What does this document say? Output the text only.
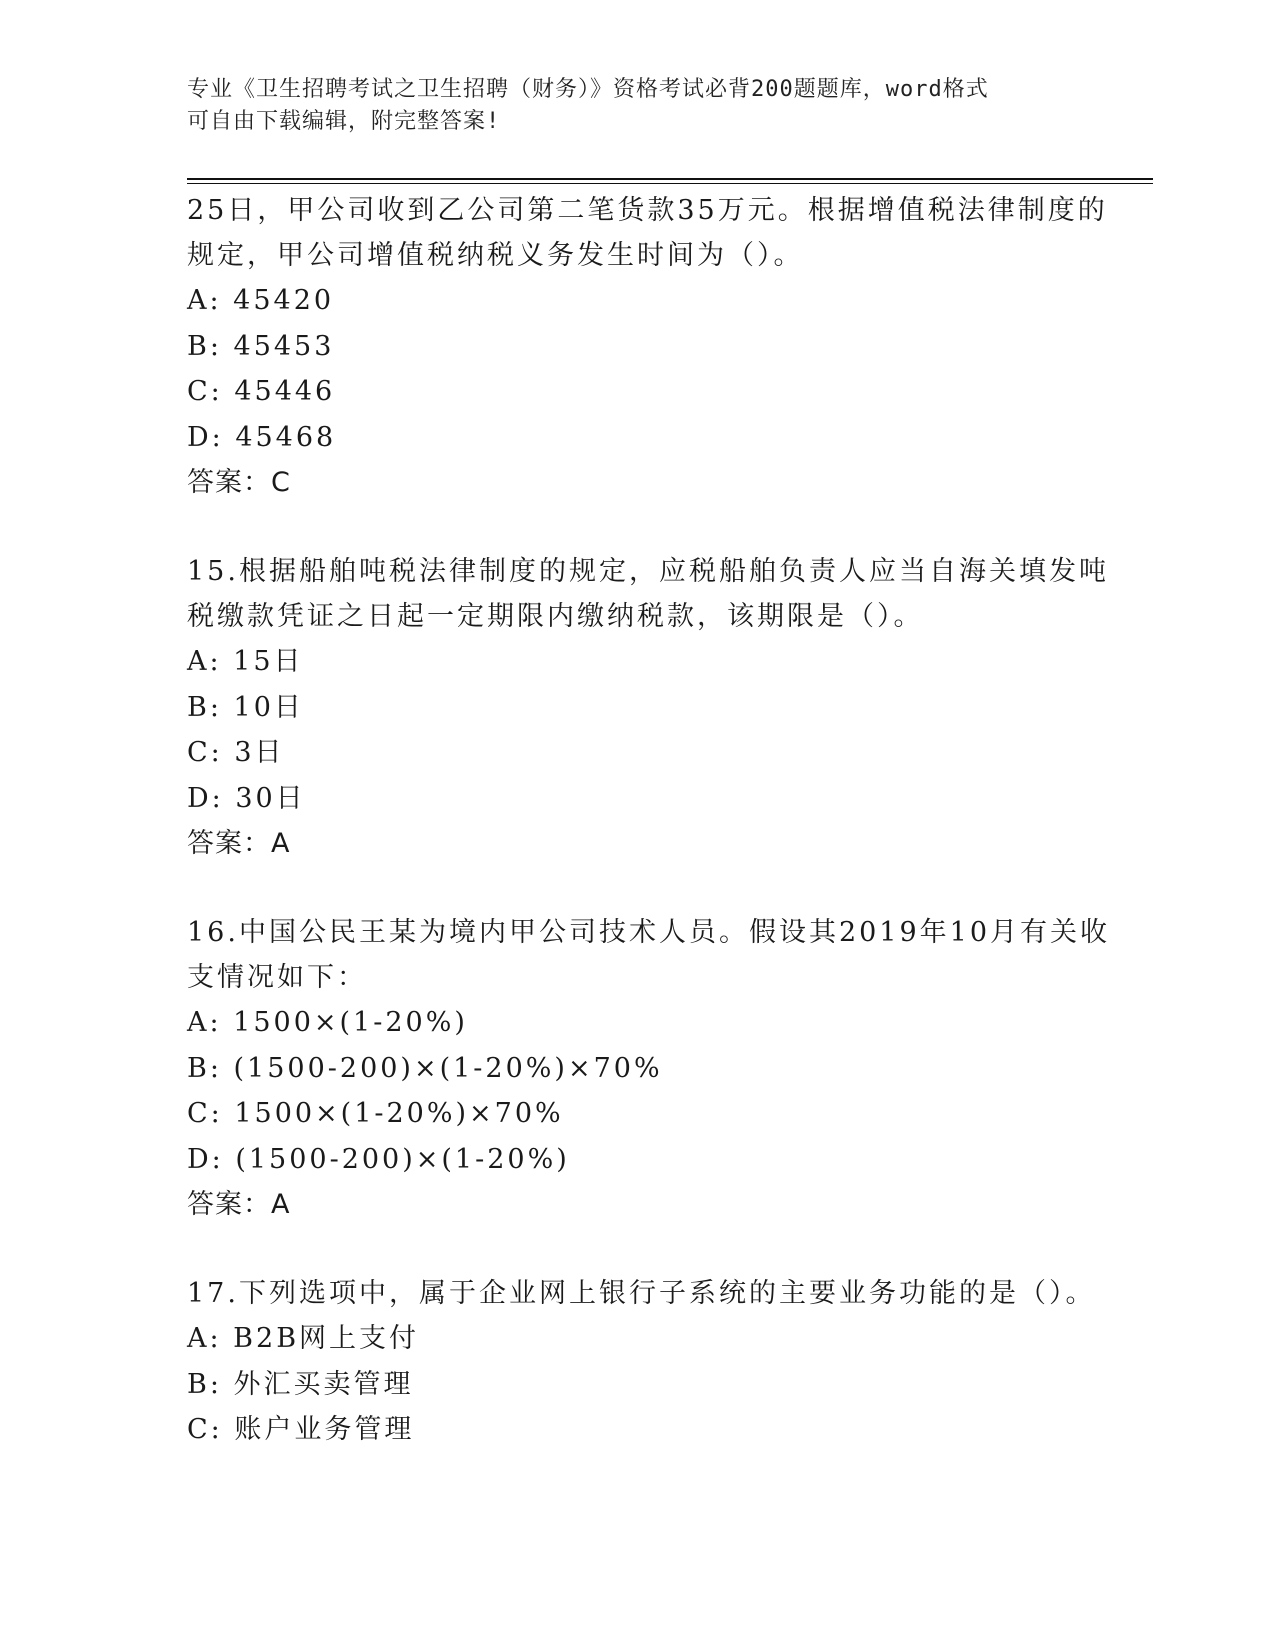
专业《卫生招聘考试之卫生招聘（财务）》资格考试必背200题题库，word格式
可自由下载编辑，附完整答案!
25日，甲公司收到乙公司第二笔货款35万元。根据增值税法律制度的
规定，甲公司增值税纳税义务发生时间为（）。
A: 45420
B: 45453
C: 45446
D: 45468
答案：C
15.根据船舶吨税法律制度的规定，应税船舶负责人应当自海关填发吨
税缴款凭证之日起一定期限内缴纳税款，该期限是（）。
A: 15日
B: 10日
C: 3日
D: 30日
答案：A
16.中国公民王某为境内甲公司技术人员。假设其2019年10月有关收
支情况如下：
A: 1500×(1-20%)
B: (1500-200)×(1-20%)×70%
C: 1500×(1-20%)×70%
D: (1500-200)×(1-20%)
答案：A
17.下列选项中，属于企业网上银行子系统的主要业务功能的是（）。
A: B2B网上支付
B: 外汇买卖管理
C: 账户业务管理
